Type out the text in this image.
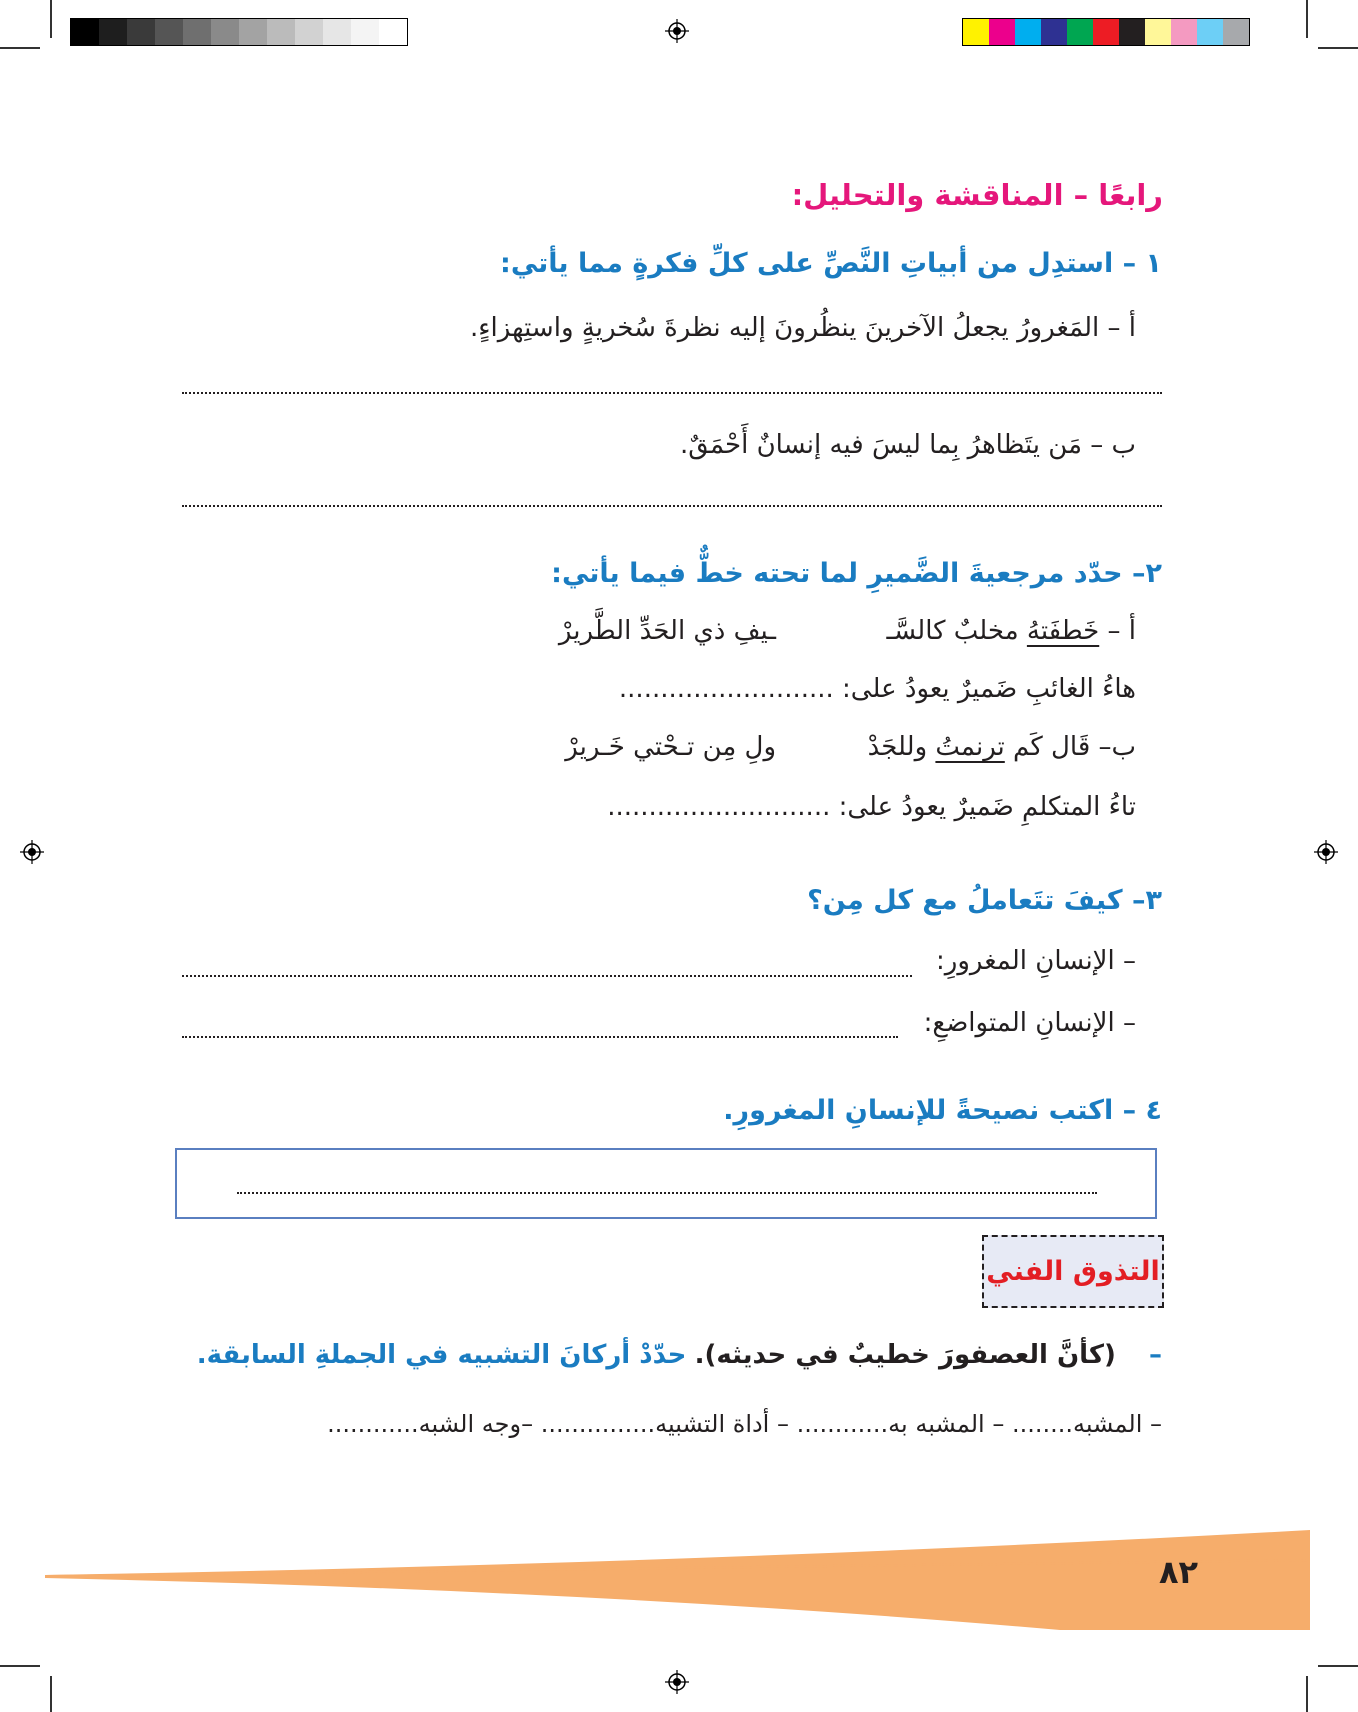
رابعًا – المناقشة والتحليل:
١ – استدِل من أبياتِ النَّصِّ على كلِّ فكرةٍ مما يأتي:
أ – المَغرورُ يجعلُ الآخرينَ ينظُرونَ إليه نظرةَ سُخريةٍ واستِهزاءٍ.
ب – مَن يتَظاهرُ بِما ليسَ فيه إنسانٌ أَحْمَقٌ.
٢– حدّد مرجعيةَ الضَّميرِ لما تحته خطٌّ فيما يأتي:
أ – خَطفَتهُ مخلبٌ كالسَّـ
ـيفِ ذي الحَدِّ الطَّريرْ
هاءُ الغائبِ ضَميرٌ يعودُ على: ..........................
ب– قَال كَم ترنمتُ وللجَدْ
ولِ مِن تـحْتي خَـريرْ
تاءُ المتكلمِ ضَميرٌ يعودُ على: ...........................
٣– كيفَ تتَعاملُ مع كل مِن؟
– الإنسانِ المغرورِ:
– الإنسانِ المتواضعِ:
٤ – اكتب نصيحةً للإنسانِ المغرورِ.
التذوق الفني
–    (كأنَّ العصفورَ خطيبٌ في حديثه). حدّدْ أركانَ التشبيه في الجملةِ السابقة.
– المشبه........ – المشبه به............ – أداة التشبيه............... –وجه الشبه............
٨٢
